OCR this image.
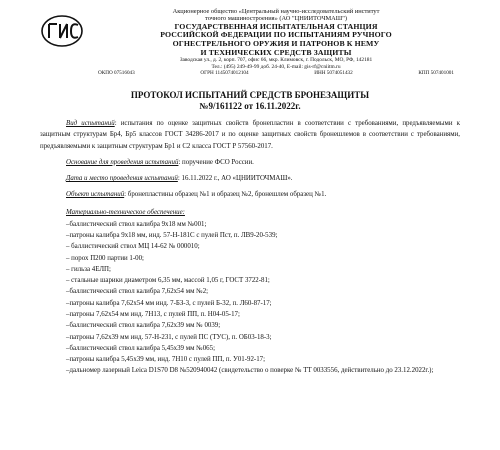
Акционерное общество «Центральный научно-исследовательский институт
точного машиностроения» (АО "ЦНИИТОЧМАШ")
ГОСУДАРСТВЕННАЯ ИСПЫТАТЕЛЬНАЯ СТАНЦИЯ
РОССИЙСКОЙ ФЕДЕРАЦИИ ПО ИСПЫТАНИЯМ РУЧНОГО
ОГНЕСТРЕЛЬНОГО ОРУЖИЯ И ПАТРОНОВ К НЕМУ
И ТЕХНИЧЕСКИХ СРЕДСТВ ЗАЩИТЫ
Заводская ул., д. 2, корп. 707, офис 66, мкр. Климовск, г. Подольск, МО, РФ, 142181
Тел.: (495) 249-49-99 доб. 24-40, E-mail: gis-rf@cniitm.ru
ОКПО 07516043	ОГРН 1145074012104	ИНН 5074051432	КПП 507401001
ПРОТОКОЛ ИСПЫТАНИЙ СРЕДСТВ БРОНЕЗАЩИТЫ
№9/161122 от 16.11.2022г.

Вид испытаний: испытания по оценке защитных свойств бронепластин в соответствии с требованиями, предъявляемыми к защитным структурам Бр4, Бр5 классов ГОСТ 34286-2017 и по оценке защитных свойств бронешлемов в соответствии с требованиями, предъявляемыми к защитным структурам Бр1 и С2 класса ГОСТ Р 57560-2017.

Основание для проведения испытаний: поручение ФСО России.

Дата и место проведения испытаний: 16.11.2022 г., АО «ЦНИИТОЧМАШ».

Объект испытаний: бронепластины образец №1 и образец №2, бронешлем образец №1.

Материально-техническое обеспечение:
–баллистический ствол калибра 9х18 мм №001;
–патроны калибра 9х18 мм, инд. 57-Н-181С с пулей Пст, п. ЛВ9-20-539;
– баллистический ствол МЦ 14-62 № 000010;
– порох П200 партии 1-00;
– гильза 4ЕЛП;
– стальные шарики диаметром 6,35 мм, массой 1,05 г, ГОСТ 3722-81;
–баллистический ствол калибра 7,62х54 мм №2;
–патроны калибра 7,62х54 мм инд. 7-БЗ-3, с пулей Б-32, п. Л60-87-17;
–патроны 7,62х54 мм инд. 7Н13, с пулей ПП, п. Н04-05-17;
–баллистический ствол калибра 7,62х39 мм № 0039;
–патроны 7,62х39 мм инд. 57-Н-231, с пулей ПС (ТУС), п. ОБ03-18-3;
–баллистический ствол калибра 5,45х39 мм №065;
–патроны калибра 5,45х39 мм, инд. 7Н10 с пулей ПП, п. У01-92-17;
–дальномер лазерный Leica D1S70 D8 №520940042 (свидетельство о поверке № ТТ 0033556, действительно до 23.12.2022г.);
